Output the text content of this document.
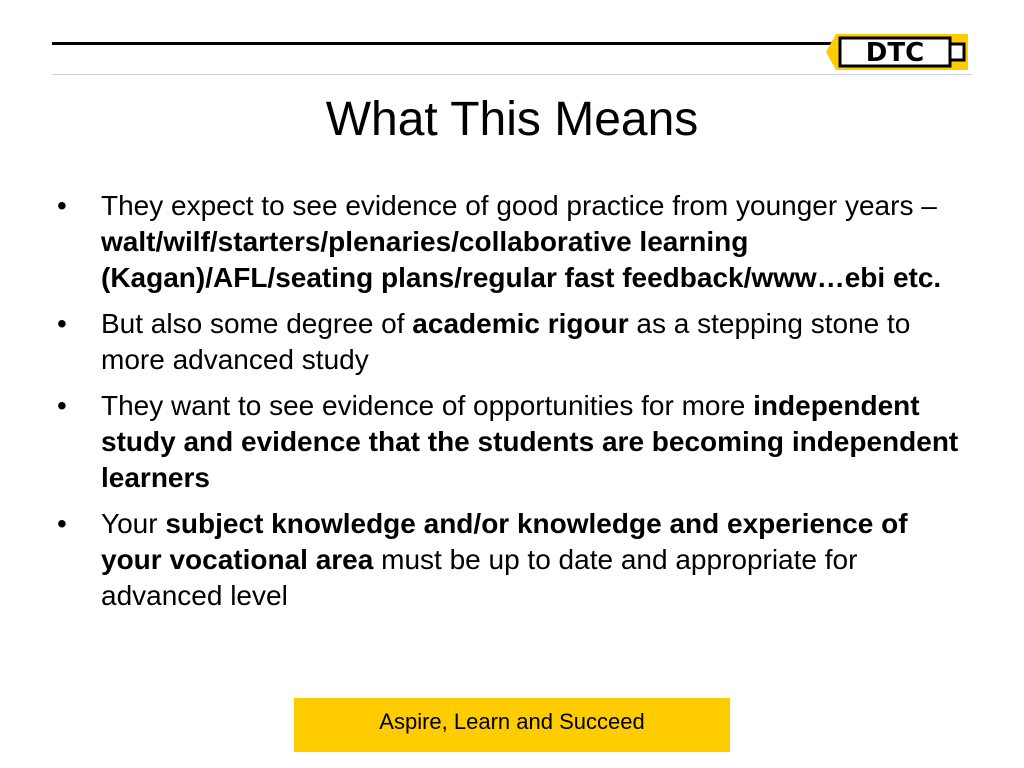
DTC
What This Means
• They expect to see evidence of good practice from younger years – walt/wilf/starters/plenaries/collaborative learning (Kagan)/AFL/seating plans/regular fast feedback/www…ebi etc.
• But also some degree of academic rigour as a stepping stone to more advanced study
• They want to see evidence of opportunities for more independent study and evidence that the students are becoming independent learners
• Your subject knowledge and/or knowledge and experience of your vocational area must be up to date and appropriate for advanced level
Aspire, Learn and Succeed
